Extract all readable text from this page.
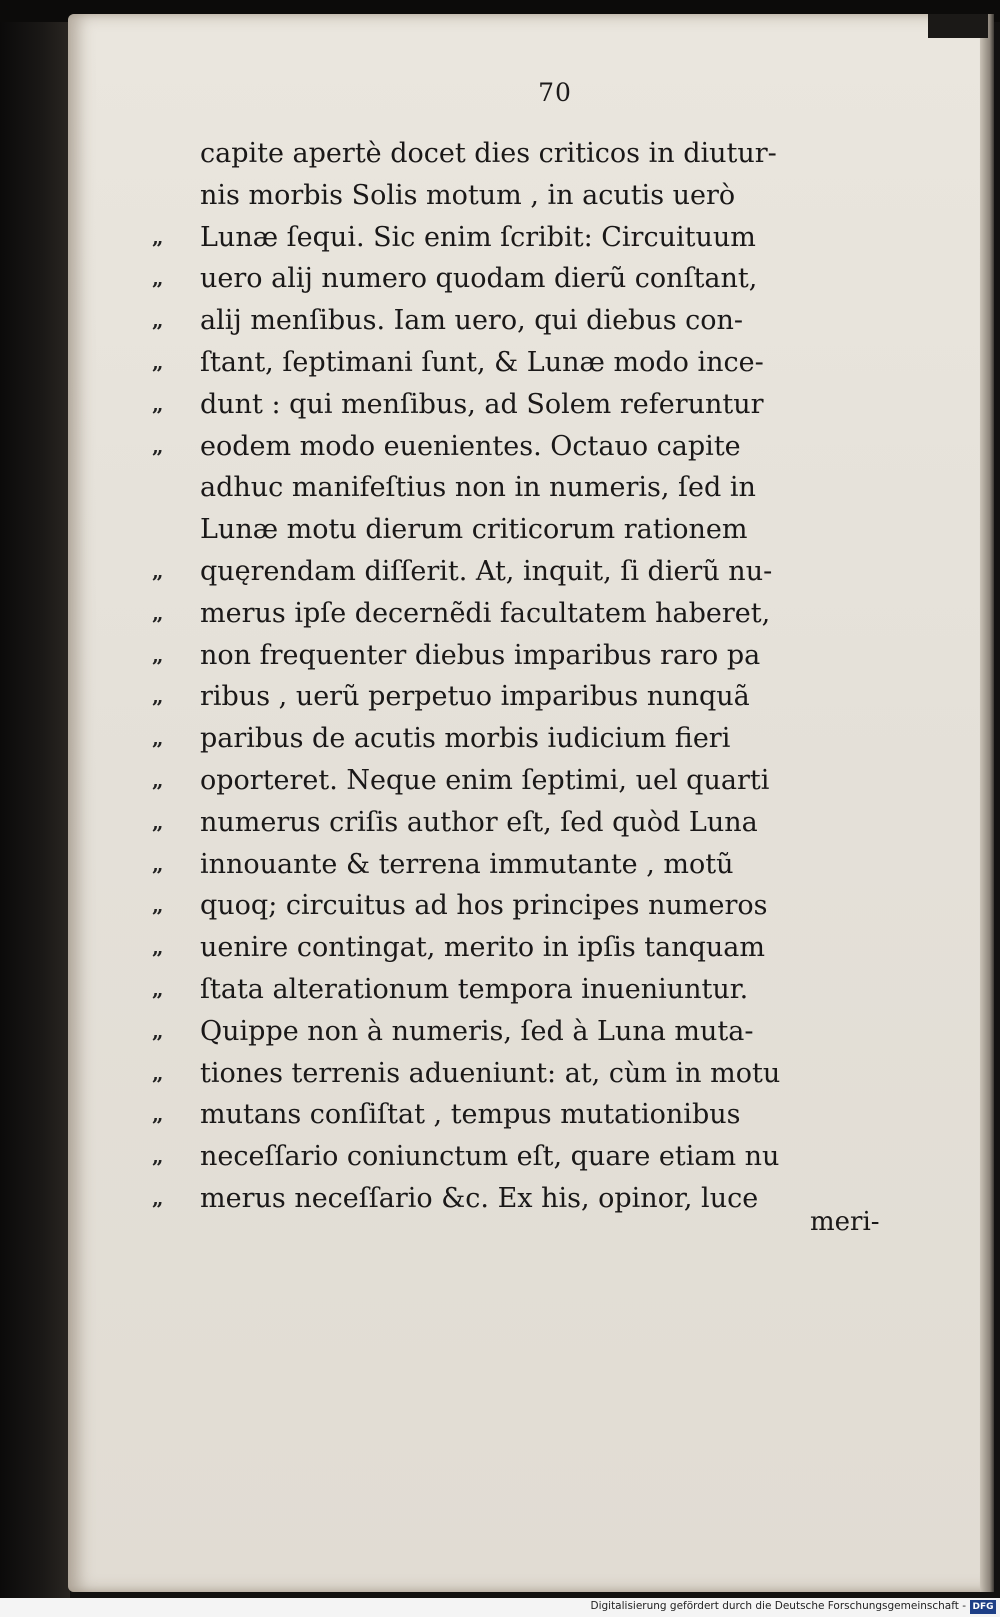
70
capite apertè docet dies criticos in diutur-
nis morbis Solis motum , in acutis uerò
„	Lunæ ſequi. Sic enim ſcribit: Circuituum
„	uero alij numero quodam dierũ conſtant,
„	alij menſibus. Iam uero, qui diebus con-
„	ſtant, ſeptimani ſunt, & Lunæ modo ince-
„	dunt : qui menſibus, ad Solem referuntur
„	eodem modo euenientes. Octauo capite
adhuc manifeſtius non in numeris, ſed in
Lunæ motu dierum criticorum rationem
„	quęrendam diſſerit. At, inquit, ſi dierũ nu-
„	merus ipſe decernẽdi facultatem haberet,
„	non frequenter diebus imparibus raro pa
„	ribus , uerũ perpetuo imparibus nunquã
„	paribus de acutis morbis iudicium fieri
„	oporteret. Neque enim ſeptimi, uel quarti
„	numerus criſis author eſt, ſed quòd Luna
„	innouante & terrena immutante , motũ
„	quoq; circuitus ad hos principes numeros
„	uenire contingat, merito in ipſis tanquam
„	ſtata alterationum tempora inueniuntur.
„	Quippe non à numeris, ſed à Luna muta-
„	tiones terrenis adueniunt: at, cùm in motu
„	mutans conſiſtat , tempus mutationibus
„	neceſſario coniunctum eſt, quare etiam nu
„	merus neceſſario &c. Ex his, opinor, luce
meri-
Digitalisierung gefördert durch die Deutsche Forschungsgemeinschaft - DFG
